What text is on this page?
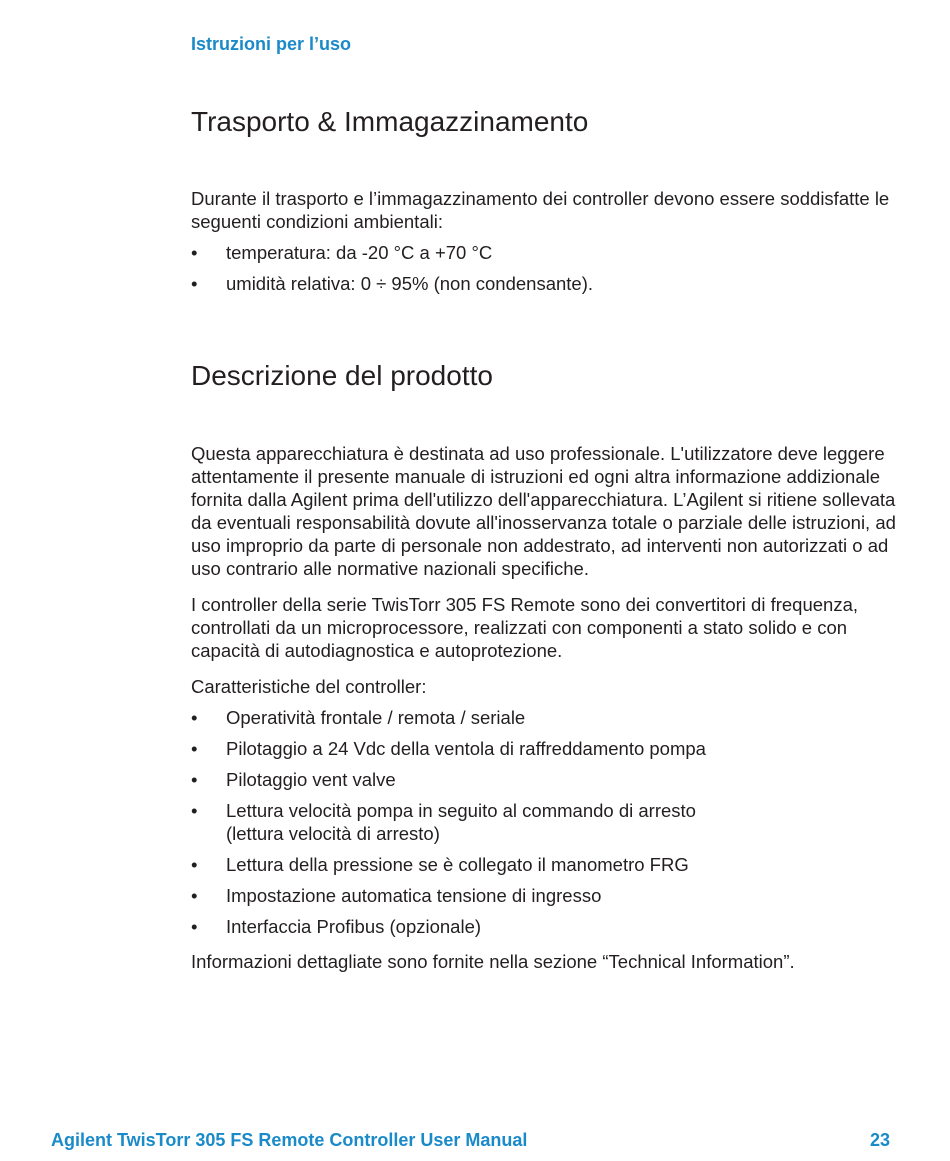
Istruzioni per l’uso
Trasporto & Immagazzinamento

Durante il trasporto e l’immagazzinamento dei controller devono essere soddisfatte le seguenti condizioni ambientali:

• temperatura: da -20 °C a +70 °C
• umidità relativa: 0 ÷ 95% (non condensante).
Descrizione del prodotto

Questa apparecchiatura è destinata ad uso professionale. L'utilizzatore deve leggere attentamente il presente manuale di istruzioni ed ogni altra informazione addizionale fornita dalla Agilent prima dell'utilizzo dell'apparecchiatura. L’Agilent si ritiene sollevata da eventuali responsabilità dovute all'inosservanza totale o parziale delle istruzioni, ad uso improprio da parte di personale non addestrato, ad interventi non autorizzati o ad uso contrario alle normative nazionali specifiche.

I controller della serie TwisTorr 305 FS Remote sono dei convertitori di frequenza, controllati da un microprocessore, realizzati con componenti a stato solido e con capacità di autodiagnostica e autoprotezione.

Caratteristiche del controller:

• Operatività frontale / remota / seriale
• Pilotaggio a 24 Vdc della ventola di raffreddamento pompa
• Pilotaggio vent valve
• Lettura velocità pompa in seguito al commando di arresto
(lettura velocità di arresto)
• Lettura della pressione se è collegato il manometro FRG
• Impostazione automatica tensione di ingresso
• Interfaccia Profibus (opzionale)

Informazioni dettagliate sono fornite nella sezione “Technical Information”.

Agilent TwisTorr 305 FS Remote Controller User Manual	23
